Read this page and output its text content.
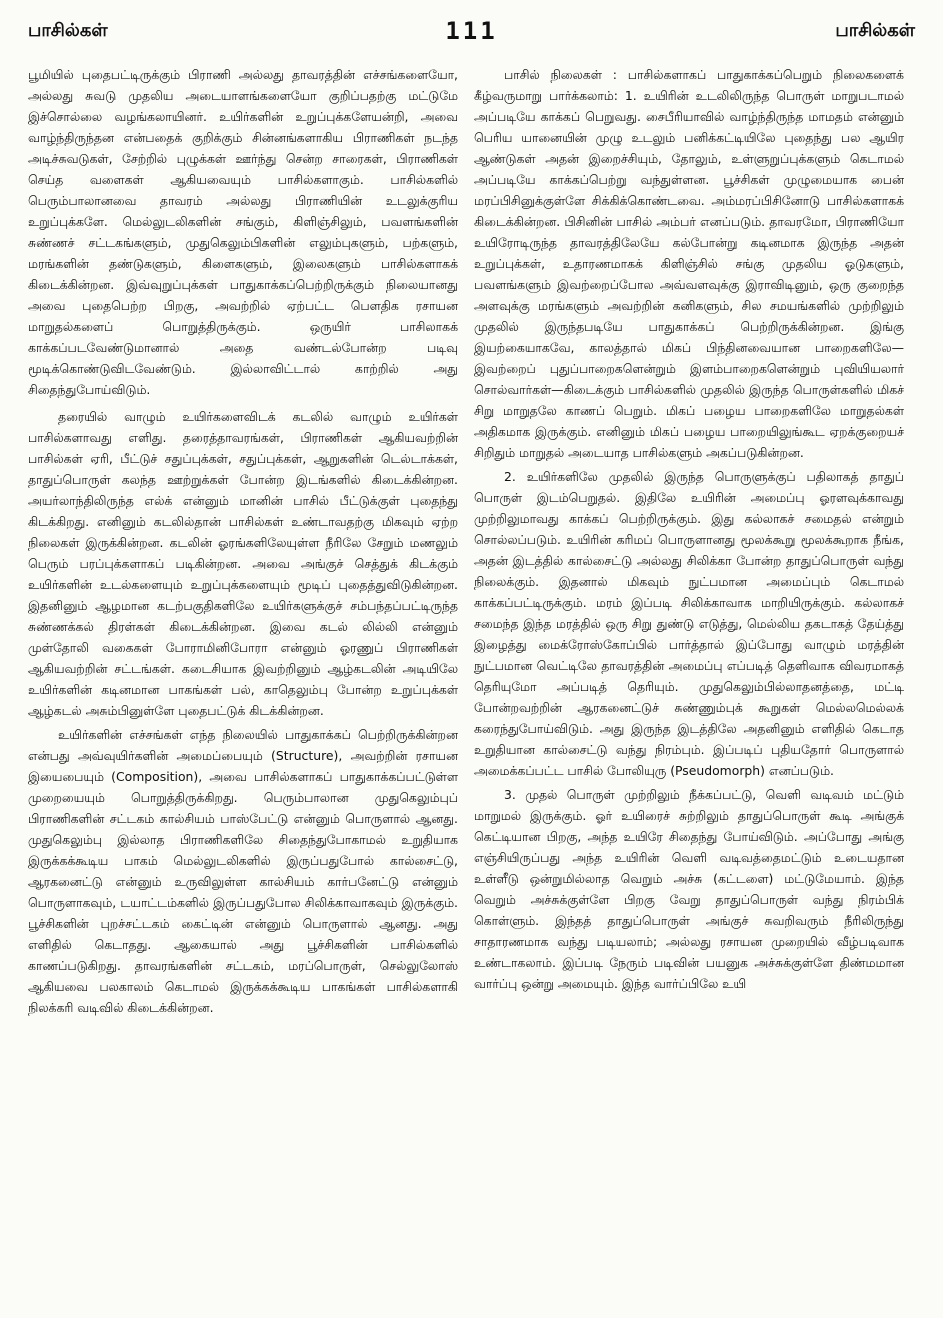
பாசில்கள்	111	பாசில்கள்

பூமியில் புதைபட்டிருக்கும் பிராணி அல்லது தாவரத்தின் எச்சங்களையோ, அல்லது சுவடு முதலிய அடையாளங்களையோ குறிப்பதற்கு மட்டுமே இச்சொல்லை வழங்கலாயினர். உயிர்களின் உறுப்புக்களேயன்றி, அவை வாழ்ந்திருந்தன என்பதைக் குறிக்கும் சின்னங்களாகிய பிராணிகள் நடந்த அடிச்சுவடுகள், சேற்றில் புழுக்கள் ஊர்ந்து சென்ற சாரைகள், பிராணிகள் செய்த வளைகள் ஆகியவையும் பாசில்களாகும். பாசில்களில் பெரும்பாலானவை தாவரம் அல்லது பிராணியின் உடலுக்குரிய உறுப்புக்களே. மெல்லுடலிகளின் சங்கும், கிளிஞ்சிலும், பவளங்களின் சுண்ணச் சட்டகங்களும், முதுகெலும்பிகளின் எலும்புகளும், பற்களும், மரங்களின் தண்டுகளும், கிளைகளும், இலைகளும் பாசில்களாகக் கிடைக்கின்றன. இவ்வுறுப்புக்கள் பாதுகாக்கப்பெற்றிருக்கும் நிலையானது அவை புதைபெற்ற பிறகு, அவற்றில் ஏற்பட்ட பௌதிக ரசாயன மாறுதல்களைப் பொறுத்திருக்கும். ஒருயிர் பாசிலாகக் காக்கப்படவேண்டுமானால் அதை வண்டல்போன்ற படிவு மூடிக்கொண்டுவிடவேண்டும். இல்லாவிட்டால் காற்றில் அது சிதைந்துபோய்விடும்.

தரையில் வாழும் உயிர்களைவிடக் கடலில் வாழும் உயிர்கள் பாசில்களாவது எளிது. தரைத்தாவரங்கள், பிராணிகள் ஆகியவற்றின் பாசில்கள் ஏரி, பீட்டுச் சதுப்புக்கள், சதுப்புக்கள், ஆறுகளின் டெல்டாக்கள், தாதுப்பொருள் கலந்த ஊற்றுக்கள் போன்ற இடங்களில் கிடைக்கின்றன. அயர்லாந்திலிருந்த எல்க் என்னும் மானின் பாசில் பீட்டுக்குள் புதைந்து கிடக்கிறது. எனினும் கடலில்தான் பாசில்கள் உண்டாவதற்கு மிகவும் ஏற்ற நிலைகள் இருக்கின்றன. கடலின் ஓரங்களிலேயுள்ள நீரிலே சேறும் மணலும் பெரும் பரப்புக்களாகப் படிகின்றன. அவை அங்குச் செத்துக் கிடக்கும் உயிர்களின் உடல்களையும் உறுப்புக்களையும் மூடிப் புதைத்துவிடுகின்றன. இதனினும் ஆழமான கடற்பகுதிகளிலே உயிர்களுக்குச் சம்பந்தப்பட்டிருந்த சுண்ணக்கல் திரள்கள் கிடைக்கின்றன. இவை கடல் லில்லி என்னும் முள்தோலி வகைகள் போராமினிபோரா என்னும் ஓரணுப் பிராணிகள் ஆகியவற்றின் சட்டங்கள். கடைசியாக இவற்றினும் ஆழ்கடலின் அடியிலே உயிர்களின் கடினமான பாகங்கள் பல், காதெலும்பு போன்ற உறுப்புக்கள் ஆழ்கடல் அசும்பினுள்ளே புதைபட்டுக் கிடக்கின்றன.

உயிர்களின் எச்சங்கள் எந்த நிலையில் பாதுகாக்கப் பெற்றிருக்கின்றன என்பது அவ்வுயிர்களின் அமைப்பையும் (Structure), அவற்றின் ரசாயன இயைபையும் (Composition), அவை பாசில்களாகப் பாதுகாக்கப்பட்டுள்ள முறையையும் பொறுத்திருக்கிறது. பெரும்பாலான முதுகெலும்புப் பிராணிகளின் சட்டகம் கால்சியம் பாஸ்பேட்டு என்னும் பொருளால் ஆனது. முதுகெலும்பு இல்லாத பிராணிகளிலே சிதைந்துபோகாமல் உறுதியாக இருக்கக்கூடிய பாகம் மெல்லுடலிகளில் இருப்பதுபோல் கால்சைட்டு, ஆரகனைட்டு என்னும் உருவிலுள்ள கால்சியம் கார்பனேட்டு என்னும் பொருளாகவும், டயாட்டம்களில் இருப்பதுபோல சிலிக்காவாகவும் இருக்கும். பூச்சிகளின் புறச்சட்டகம் கைட்டின் என்னும் பொருளால் ஆனது. அது எளிதில் கெடாதது. ஆகையால் அது பூச்சிகளின் பாசில்களில் காணப்படுகிறது. தாவரங்களின் சட்டகம், மரப்பொருள், செல்லுலோஸ் ஆகியவை பலகாலம் கெடாமல் இருக்கக்கூடிய பாகங்கள் பாசில்களாகி நிலக்கரி வடிவில் கிடைக்கின்றன.

பாசில் நிலைகள் : பாசில்களாகப் பாதுகாக்கப்பெறும் நிலைகளைக் கீழ்வருமாறு பார்க்கலாம்: 1. உயிரின் உடலிலிருந்த பொருள் மாறுபடாமல் அப்படியே காக்கப் பெறுவது. சைபீரியாவில் வாழ்ந்திருந்த மாமதம் என்னும் பெரிய யானையின் முழு உடலும் பனிக்கட்டியிலே புதைந்து பல ஆயிர ஆண்டுகள் அதன் இறைச்சியும், தோலும், உள்ளுறுப்புக்களும் கெடாமல் அப்படியே காக்கப்பெற்று வந்துள்ளன. பூச்சிகள் முழுமையாக பைன் மரப்பிசினுக்குள்ளே சிக்கிக்கொண்டவை. அம்மரப்பிசினோடு பாசில்களாகக் கிடைக்கின்றன. பிசினின் பாசில் அம்பர் எனப்படும். தாவரமோ, பிராணியோ உயிரோடிருந்த தாவரத்திலேயே கல்போன்று கடினமாக இருந்த அதன் உறுப்புக்கள், உதாரணமாகக் கிளிஞ்சில் சங்கு முதலிய ஓடுகளும், பவளங்களும் இவற்றைப்போல அவ்வளவுக்கு இராவிடினும், ஒரு குறைந்த அளவுக்கு மரங்களும் அவற்றின் கனிகளும், சில சமயங்களில் முற்றிலும் முதலில் இருந்தபடியே பாதுகாக்கப் பெற்றிருக்கின்றன. இங்கு இயற்கையாகவே, காலத்தால் மிகப் பிந்தினவையான பாறைகளிலே—இவற்றைப் புதுப்பாறைகளென்றும் இளம்பாறைகளென்றும் புவியியலார் சொல்வார்கள்—கிடைக்கும் பாசில்களில் முதலில் இருந்த பொருள்களில் மிகச் சிறு மாறுதலே காணப் பெறும். மிகப் பழைய பாறைகளிலே மாறுதல்கள் அதிகமாக இருக்கும். எனினும் மிகப் பழைய பாறையிலுங்கூட ஏறக்குறையச் சிறிதும் மாறுதல் அடையாத பாசில்களும் அகப்படுகின்றன.

2. உயிர்களிலே முதலில் இருந்த பொருளுக்குப் பதிலாகத் தாதுப் பொருள் இடம்பெறுதல். இதிலே உயிரின் அமைப்பு ஓரளவுக்காவது முற்றிலுமாவது காக்கப் பெற்றிருக்கும். இது கல்லாகச் சமைதல் என்றும் சொல்லப்படும். உயிரின் கரிமப் பொருளானது மூலக்கூறு மூலக்கூறாக நீங்க, அதன் இடத்தில் கால்சைட்டு அல்லது சிலிக்கா போன்ற தாதுப்பொருள் வந்து நிலைக்கும். இதனால் மிகவும் நுட்பமான அமைப்பும் கெடாமல் காக்கப்பட்டிருக்கும். மரம் இப்படி சிலிக்காவாக மாறியிருக்கும். கல்லாகச் சமைந்த இந்த மரத்தில் ஒரு சிறு துண்டு எடுத்து, மெல்லிய தகடாகத் தேய்த்து இழைத்து மைக்ரோஸ்கோப்பில் பார்த்தால் இப்போது வாழும் மரத்தின் நுட்பமான வெட்டிலே தாவரத்தின் அமைப்பு எப்படித் தெளிவாக விவரமாகத் தெரியுமோ அப்படித் தெரியும். முதுகெலும்பில்லாதனத்தை, மட்டி போன்றவற்றின் ஆரகனைட்டுச் சுண்ணும்புக் கூறுகள் மெல்லமெல்லக் கரைந்துபோய்விடும். அது இருந்த இடத்திலே அதனினும் எளிதில் கெடாத உறுதியான கால்சைட்டு வந்து நிரம்பும். இப்படிப் புதியதோர் பொருளால் அமைக்கப்பட்ட பாசில் போலியுரு (Pseudomorph) எனப்படும்.

3. முதல் பொருள் முற்றிலும் நீக்கப்பட்டு, வெளி வடிவம் மட்டும் மாறுமல் இருக்கும். ஓர் உயிரைச் சுற்றிலும் தாதுப்பொருள் கூடி அங்குக் கெட்டியான பிறகு, அந்த உயிரே சிதைந்து போய்விடும். அப்போது அங்கு எஞ்சியிருப்பது அந்த உயிரின் வெளி வடிவத்தைமட்டும் உடையதான உள்ளீடு ஒன்றுமில்லாத வெறும் அச்சு (கட்டளை) மட்டுமேயாம். இந்த வெறும் அச்சுக்குள்ளே பிறகு வேறு தாதுப்பொருள் வந்து நிரம்பிக் கொள்ளும். இந்தத் தாதுப்பொருள் அங்குச் சுவறிவரும் நீரிலிருந்து சாதாரணமாக வந்து படியலாம்; அல்லது ரசாயன முறையில் வீழ்படிவாக உண்டாகலாம். இப்படி நேரும் படிவின் பயனுக அச்சுக்குள்ளே திண்மமான வார்ப்பு ஒன்று அமையும். இந்த வார்ப்பிலே உயி
